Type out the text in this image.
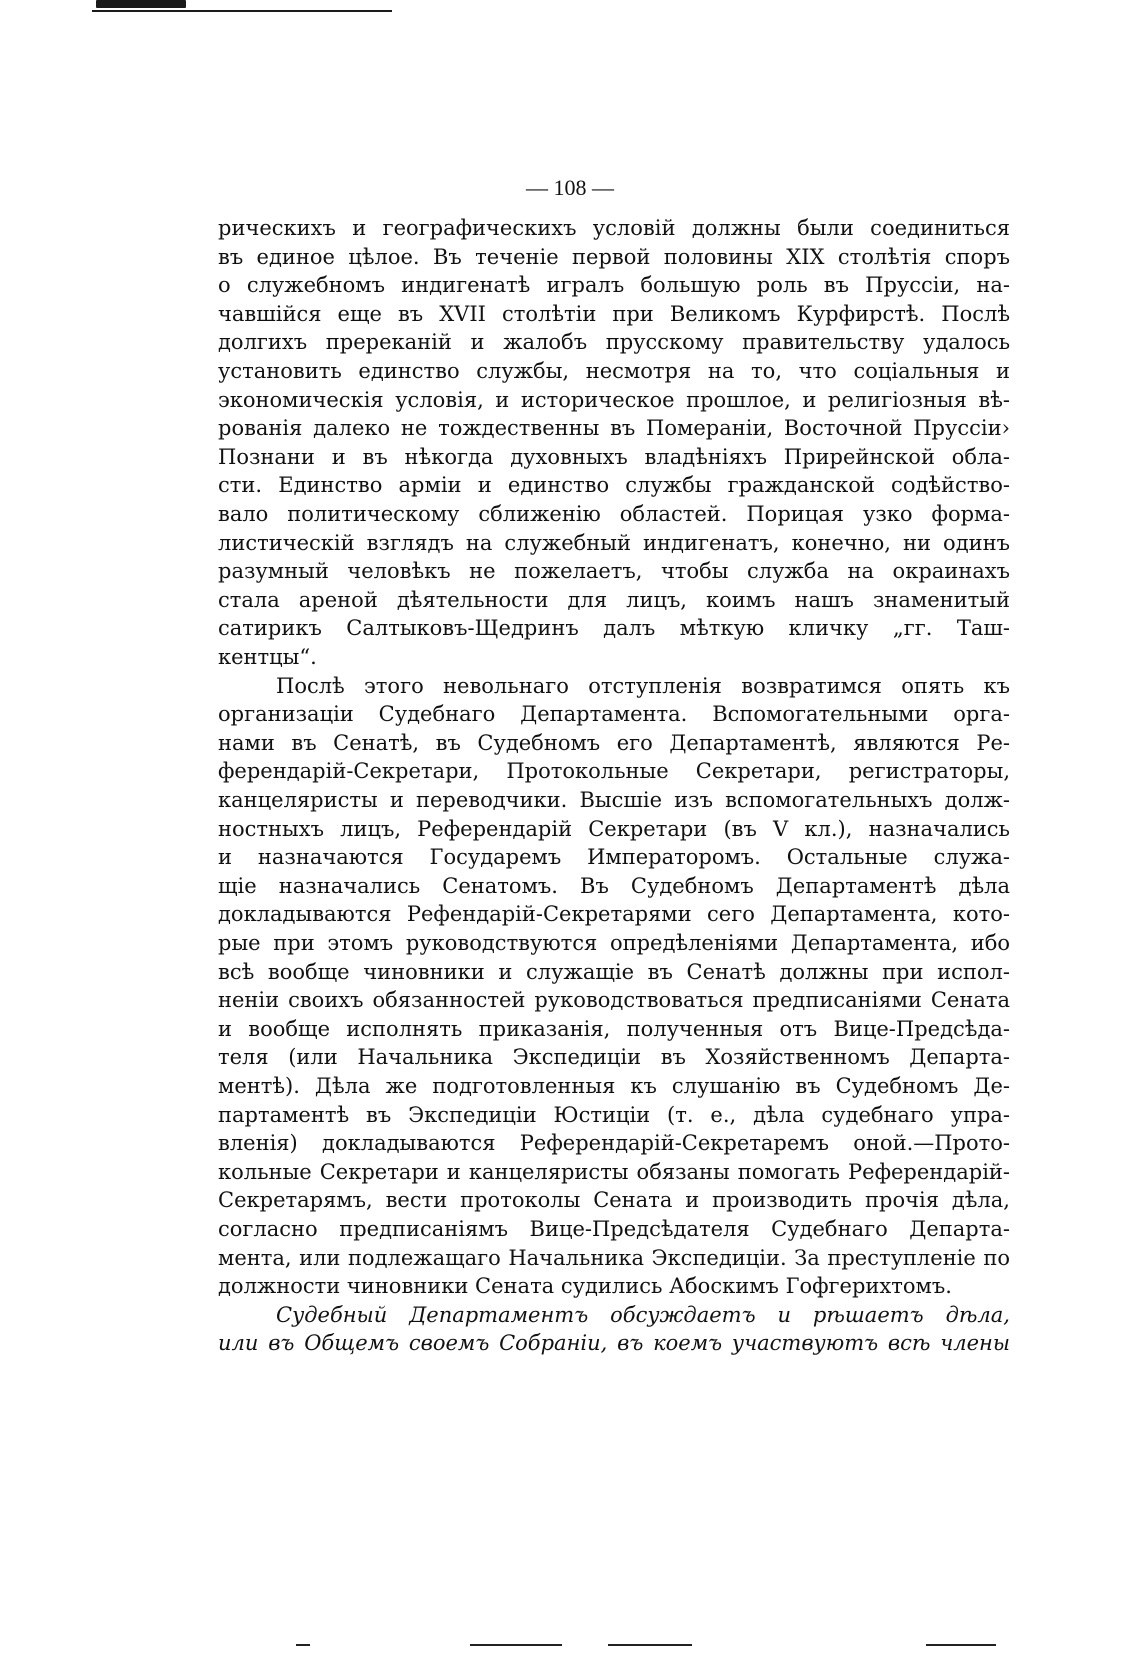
— 108 —
рическихъ и географическихъ условій должны были соединиться
въ единое цѣлое. Въ теченіе первой половины XIX столѣтія споръ
о служебномъ индигенатѣ игралъ большую роль въ Пруссіи, на-
чавшійся еще въ XVII столѣтіи при Великомъ Курфирстѣ. Послѣ
долгихъ пререканій и жалобъ прусскому правительству удалось
установить единство службы, несмотря на то, что соціальныя и
экономическія условія, и историческое прошлое, и религіозныя вѣ-
рованія далеко не тождественны въ Помераніи, Восточной Пруссіи›
Познани и въ нѣкогда духовныхъ владѣніяхъ Прирейнской обла-
сти. Единство арміи и единство службы гражданской содѣйство-
вало политическому сближенію областей. Порицая узко форма-
листическій взглядъ на служебный индигенатъ, конечно, ни одинъ
разумный человѣкъ не пожелаетъ, чтобы служба на окраинахъ
стала ареной дѣятельности для лицъ, коимъ нашъ знаменитый
сатирикъ Салтыковъ-Щедринъ далъ мѣткую кличку „гг. Таш-
кентцы“.
Послѣ этого невольнаго отступленія возвратимся опять къ
организаціи Судебнаго Департамента. Вспомогательными орга-
нами въ Сенатѣ, въ Судебномъ его Департаментѣ, являются Ре-
ферендарій-Секретари, Протокольные Секретари, регистраторы,
канцеляристы и переводчики. Высшіе изъ вспомогательныхъ долж-
ностныхъ лицъ, Референдарій Секретари (въ V кл.), назначались
и назначаются Государемъ Императоромъ. Остальные служа-
щіе назначались Сенатомъ. Въ Судебномъ Департаментѣ дѣла
докладываются Рефендарій-Секретарями сего Департамента, кото-
рые при этомъ руководствуются опредѣленіями Департамента, ибо
всѣ вообще чиновники и служащіе въ Сенатѣ должны при испол-
неніи своихъ обязанностей руководствоваться предписаніями Сената
и вообще исполнять приказанія, полученныя отъ Вице-Предсѣда-
теля (или Начальника Экспедиціи въ Хозяйственномъ Департа-
ментѣ). Дѣла же подготовленныя къ слушанію въ Судебномъ Де-
партаментѣ въ Экспедиціи Юстиціи (т. е., дѣла судебнаго упра-
вленія) докладываются Референдарій-Секретаремъ оной.—Прото-
кольные Секретари и канцеляристы обязаны помогать Референдарій-
Секретарямъ, вести протоколы Сената и производить прочія дѣла,
согласно предписаніямъ Вице-Предсѣдателя Судебнаго Департа-
мента, или подлежащаго Начальника Экспедиціи. За преступленіе по
должности чиновники Сената судились Абоскимъ Гофгерихтомъ.
Судебный Департаментъ обсуждаетъ и рѣшаетъ дѣла,
или въ Общемъ своемъ Собраніи, въ коемъ участвуютъ всѣ члены
